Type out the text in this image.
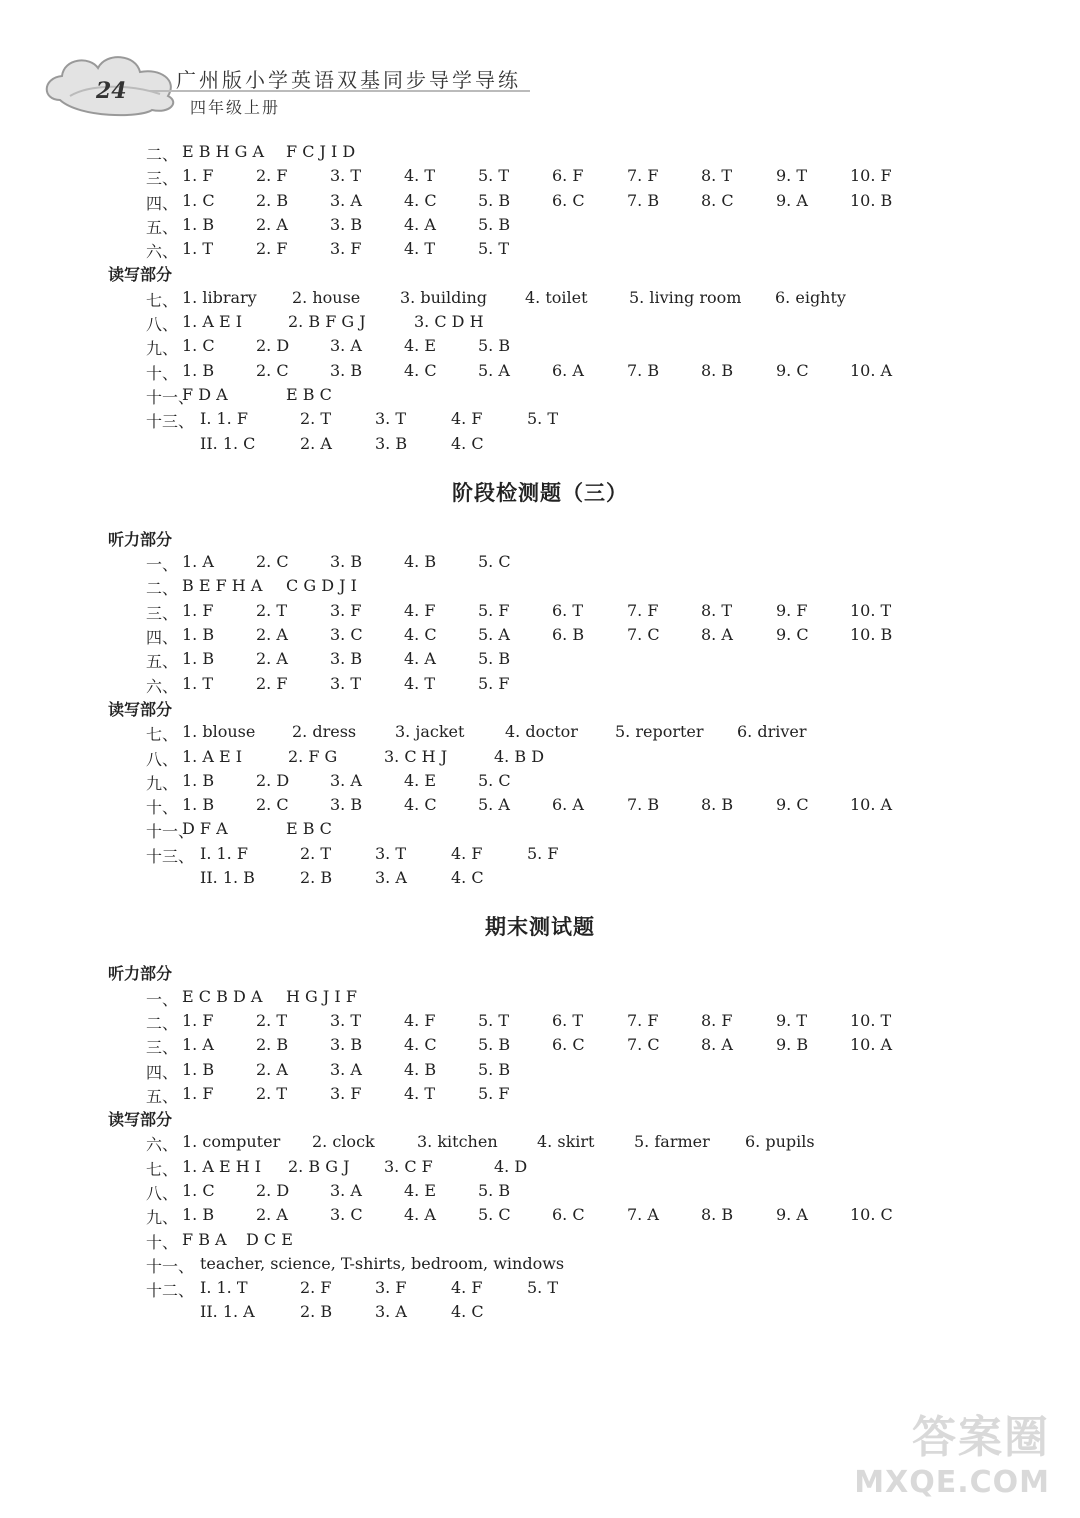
24 广州版小学英语双基同步导学导练
四年级上册
二、 E B H G A F C J I D
三、 1. F	2. F	3. T	4. T	5. T	6. F	7. F	8. T	9. T	10. F
四、 1. C	2. B	3. A	4. C	5. B	6. C	7. B	8. C	9. A	10. B
五、 1. B	2. A	3. B	4. A	5. B
六、 1. T	2. F	3. F	4. T	5. T
读写部分
七、 1. library 2. house 3. building 4. toilet	5. living room 6. eighty
八、 1. A E I	2. B F G J	3. C D H
九、 1. C	2. D	3. A	4. E	5. B
十、 1. B	2. C	3. B	4. C	5. A	6. A	7. B	8. B	9. C	10. A
十一、
F D A	E B C
十三、 I. 1. F	2. T	3. T	4. F	5. T
II. 1. C	2. A	3. B	4. C
阶段检测题（三）
听力部分
一、 1. A	2. C	3. B	4. B	5. C
二、 B E F H A C G D J I
三、 1. F	2. T	3. F	4. F	5. F	6. T	7. F	8. T	9. F	10. T
四、 1. B	2. A	3. C	4. C	5. A	6. B	7. C	8. A	9. C	10. B
五、 1. B	2. A	3. B	4. A	5. B
六、 1. T	2. F	3. T	4. T	5. F
读写部分
七、 1. blouse 2. dress 3. jacket	4. doctor 5. reporter 6. driver
八、 1. A E I	2. F G	3. C H J	4. B D
九、 1. B	2. D	3. A	4. E	5. C
十、 1. B	2. C	3. B	4. C	5. A	6. A	7. B	8. B	9. C	10. A
十一、
D F A	E B C
十三、 I. 1. F	2. T	3. T	4. F	5. F
II. 1. B	2. B	3. A	4. C
期末测试题
听力部分
一、 E C B D A H G J I F
二、 1. F	2. T	3. T	4. F	5. T	6. T	7. F	8. F	9. T	10. T
三、 1. A	2. B	3. B	4. C	5. B	6. C	7. C	8. A	9. B	10. A
四、 1. B	2. A	3. A	4. B	5. B
五、 1. F	2. T	3. F	4. T	5. F
读写部分
六、 1. computer 2. clock	3. kitchen 4. skirt 5. farmer 6. pupils
七、 1. A E H I 2. B G J 3. C F	4. D
八、 1. C	2. D	3. A	4. E	5. B
九、 1. B	2. A	3. C	4. A	5. C	6. C	7. A	8. B	9. A	10. C
十、 F B A D C E
十一、 teacher, science, T-shirts, bedroom, windows
十二、 I. 1. T	2. F	3. F	4. F	5. T
II. 1. A	2. B	3. A	4. C
答案圈
MXQE.COM
